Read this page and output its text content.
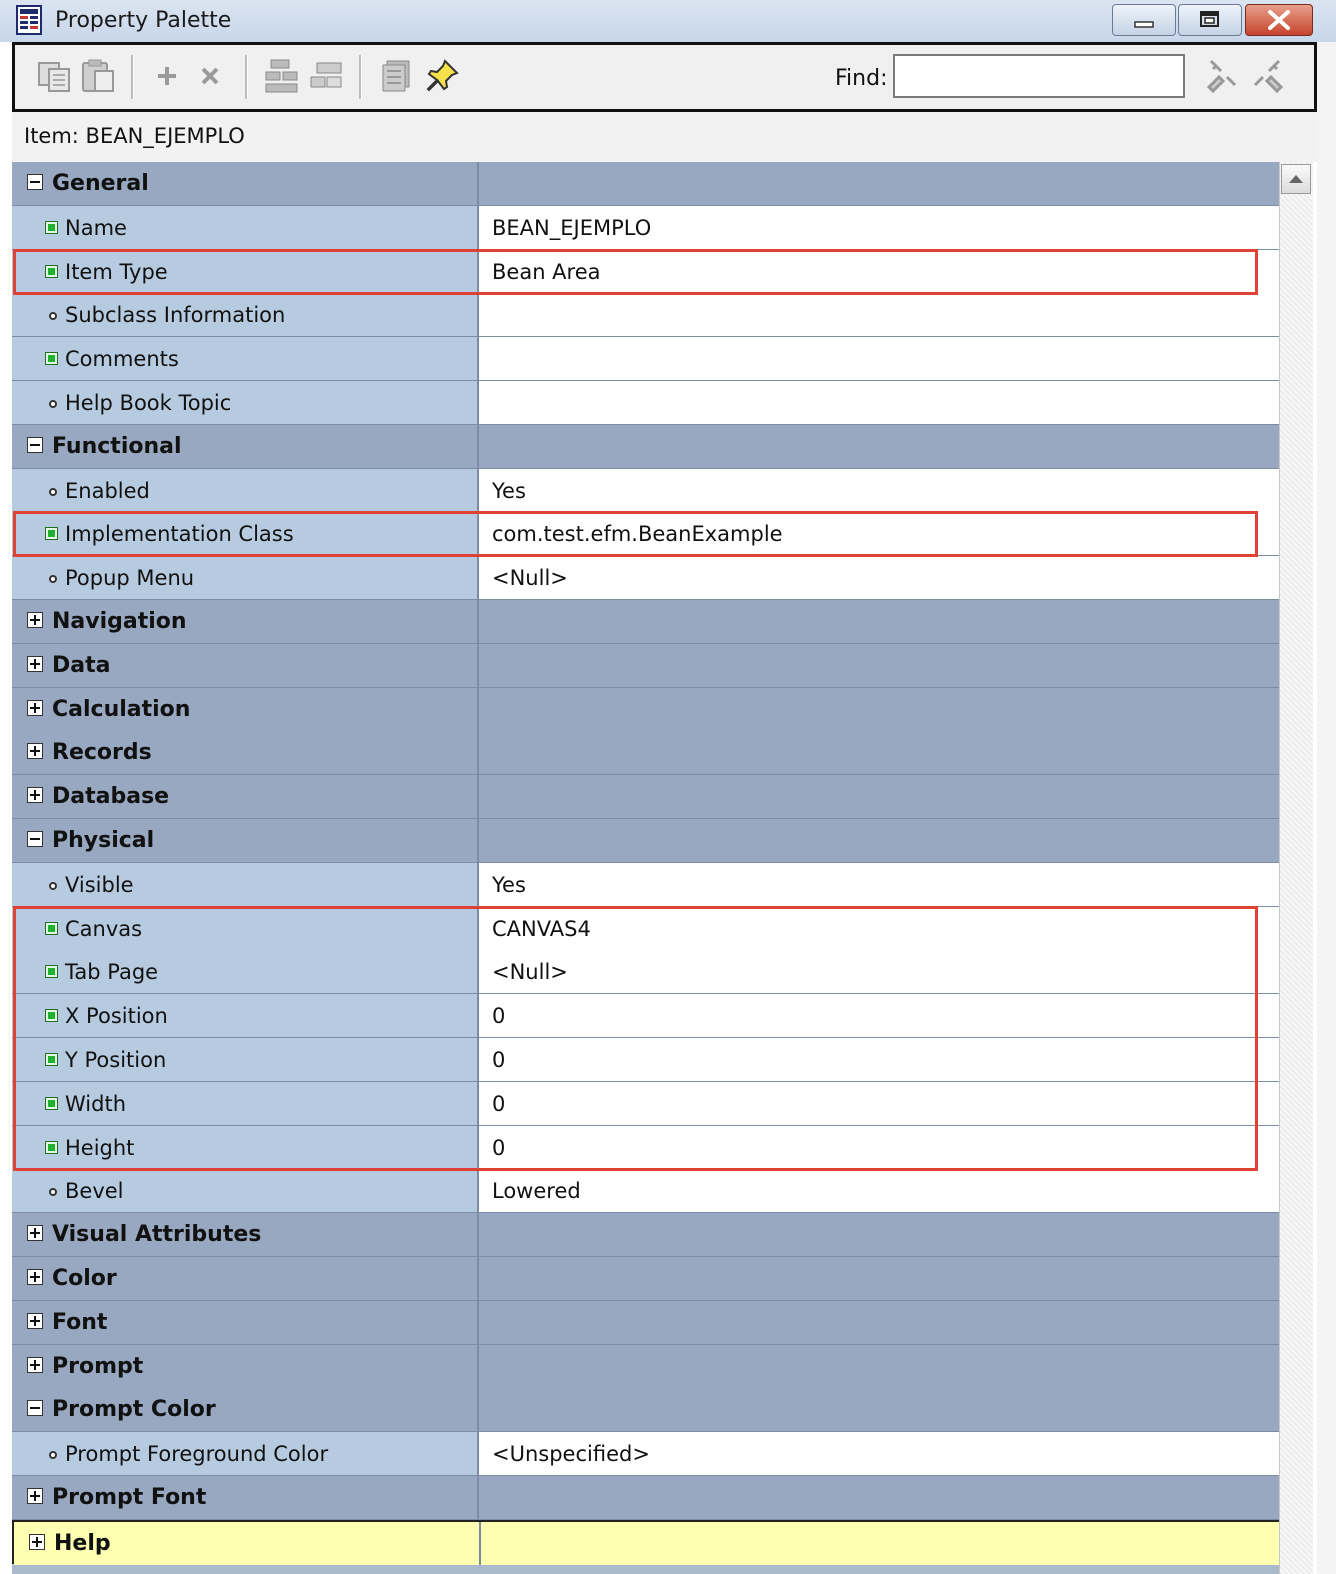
Property Palette
Find:
Item: BEAN_EJEMPLO
General
Name	BEAN_EJEMPLO
Item Type	Bean Area
Subclass Information
Comments
Help Book Topic
Functional
Enabled	Yes
Implementation Class	com.test.efm.BeanExample
Popup Menu	<Null>
Navigation
Data
Calculation
Records
Database
Physical
Visible	Yes
Canvas	CANVAS4
Tab Page	<Null>
X Position	0
Y Position	0
Width	0
Height	0
Bevel	Lowered
Visual Attributes
Color
Font
Prompt
Prompt Color
Prompt Foreground Color	<Unspecified>
Prompt Font
Help
